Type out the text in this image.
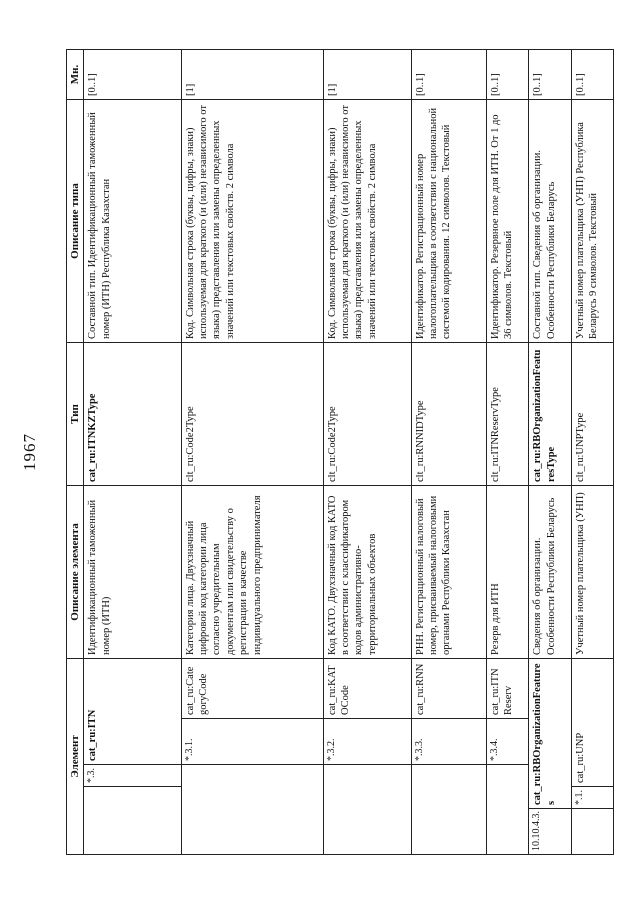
1967
Элемент					Описание элемента	Тип	Описание типа	Мн.
		*.3.	cat_ru:ITN		Идентификационный таможенный номер (ИТН)	cat_ru:ITNKZType	Составной тип. Идентификационный таможенный номер (ИТН) Республика Казахстан	[0..1]
			*.3.1.	cat_ru:CategoryCode	Категория лица. Двухзначный цифровой код категории лица согласно учредительным документам или свидетельству о регистрации в качестве индивидуального предпринимателя	clt_ru:Code2Type	Код. Символьная строка (буквы, цифры, знаки) используемая для краткого (и (или) независимого от языка) представления или замены определенных значений или текстовых свойств. 2 символа	[1]
			*.3.2.	cat_ru:KATOCode	Код КАТО. Двухзначный код КАТО в соответствии с классификатором кодов административно-территориальных объектов	clt_ru:Code2Type	Код. Символьная строка (буквы, цифры, знаки) используемая для краткого (и (или) независимого от языка) представления или замены определенных значений или текстовых свойств. 2 символа	[1]
			*.3.3.	cat_ru:RNN	РНН. Регистрационный налоговый номер, присваиваемый налоговыми органами Республики Казахстан	clt_ru:RNNIDType	Идентификатор. Регистрационный номер налогоплательщика в соответствии с национальной системой кодирования. 12 символов. Текстовый	[0..1]
			*.3.4.	cat_ru:ITNReserv	Резерв для ИТН	clt_ru:ITNReservType	Идентификатор. Резервное поле для ИТН. От 1 до 36 символов. Текстовый	[0..1]
10.10.4.3.	cat_ru:RBOrganizationFeatures				Сведения об организации. Особенности Республики Беларусь	cat_ru:RBOrganizationFeaturesType	Составной тип. Сведения об организации. Особенности Республики Беларусь	[0..1]
	*.1.	cat_ru:UNP			Учетный номер плательщика (УНП)	clt_ru:UNPType	Учетный номер плательщика (УНП) Республика Беларусь 9 символов. Текстовый	[0..1]
